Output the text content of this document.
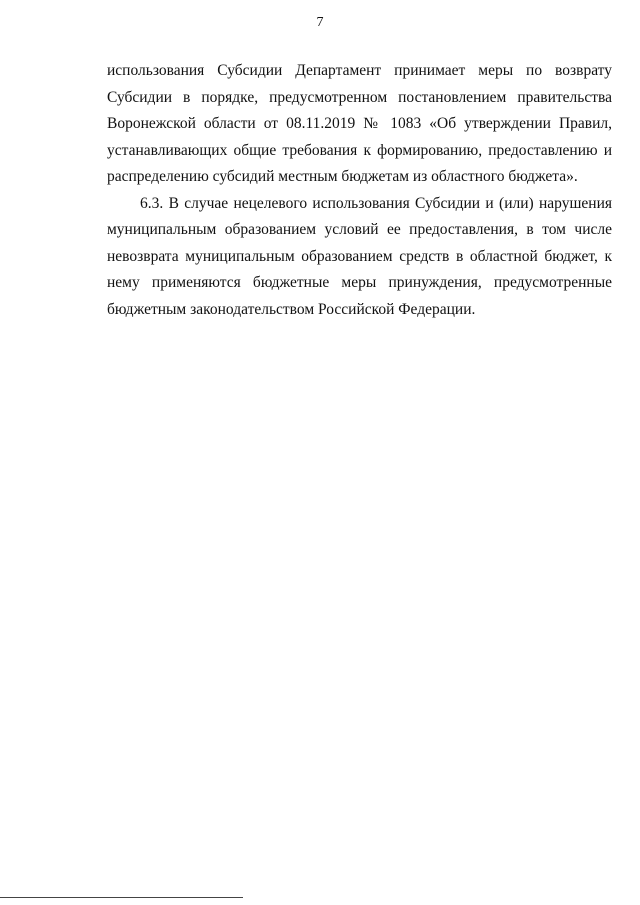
7

использования Субсидии Департамент принимает меры по возврату Субсидии в порядке, предусмотренном постановлением правительства Воронежской области от 08.11.2019 № 1083 «Об утверждении Правил, устанавливающих общие требования к формированию, предоставлению и распределению субсидий местным бюджетам из областного бюджета».

6.3. В случае нецелевого использования Субсидии и (или) нарушения муниципальным образованием условий ее предоставления, в том числе невозврата муниципальным образованием средств в областной бюджет, к нему применяются бюджетные меры принуждения, предусмотренные бюджетным законодательством Российской Федерации.
